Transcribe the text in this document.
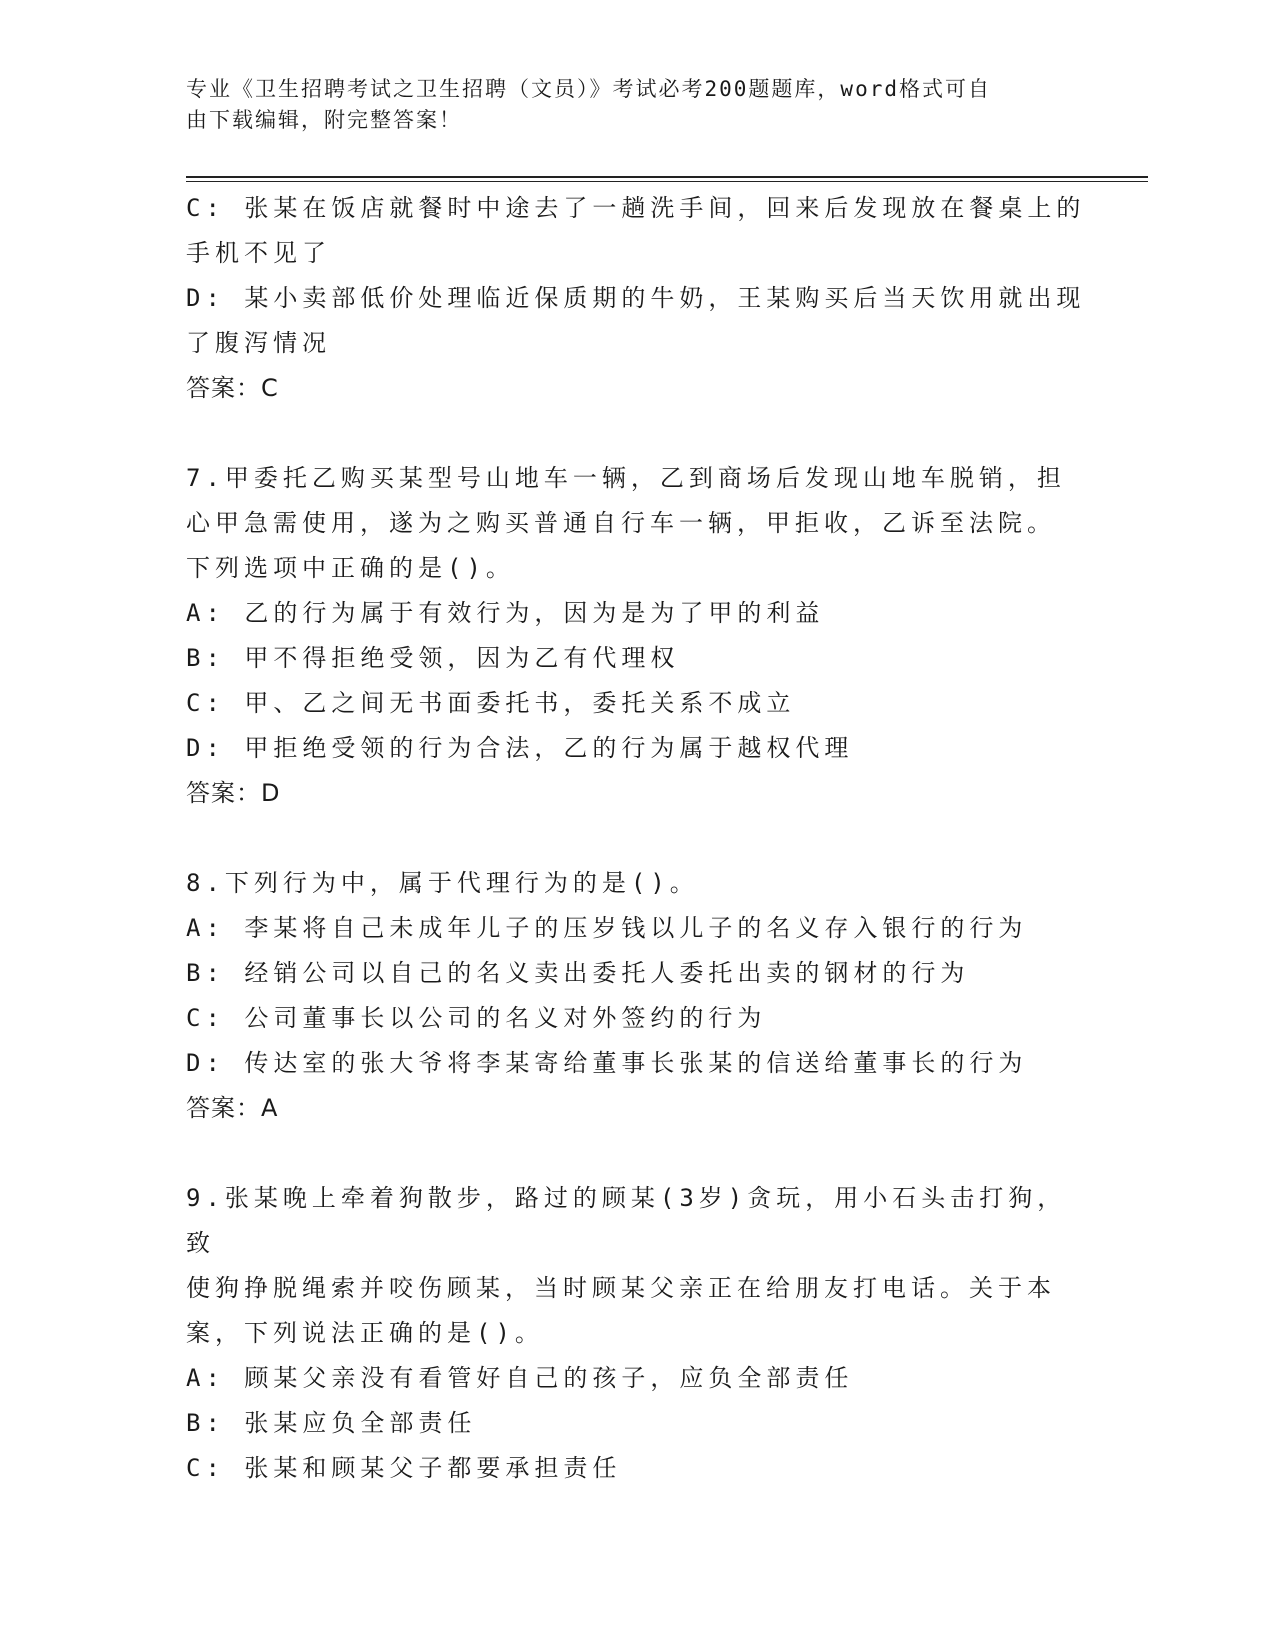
专业《卫生招聘考试之卫生招聘（文员）》考试必考200题题库，word格式可自
由下载编辑，附完整答案！
C: 张某在饭店就餐时中途去了一趟洗手间，回来后发现放在餐桌上的
手机不见了
D: 某小卖部低价处理临近保质期的牛奶，王某购买后当天饮用就出现
了腹泻情况
答案：C
7.甲委托乙购买某型号山地车一辆，乙到商场后发现山地车脱销，担
心甲急需使用，遂为之购买普通自行车一辆，甲拒收，乙诉至法院。
下列选项中正确的是()。
A: 乙的行为属于有效行为，因为是为了甲的利益
B: 甲不得拒绝受领，因为乙有代理权
C: 甲、乙之间无书面委托书，委托关系不成立
D: 甲拒绝受领的行为合法，乙的行为属于越权代理
答案：D
8.下列行为中，属于代理行为的是()。
A: 李某将自己未成年儿子的压岁钱以儿子的名义存入银行的行为
B: 经销公司以自己的名义卖出委托人委托出卖的钢材的行为
C: 公司董事长以公司的名义对外签约的行为
D: 传达室的张大爷将李某寄给董事长张某的信送给董事长的行为
答案：A
9.张某晚上牵着狗散步，路过的顾某(3岁)贪玩，用小石头击打狗，致
使狗挣脱绳索并咬伤顾某，当时顾某父亲正在给朋友打电话。关于本
案，下列说法正确的是()。
A: 顾某父亲没有看管好自己的孩子，应负全部责任
B: 张某应负全部责任
C: 张某和顾某父子都要承担责任
